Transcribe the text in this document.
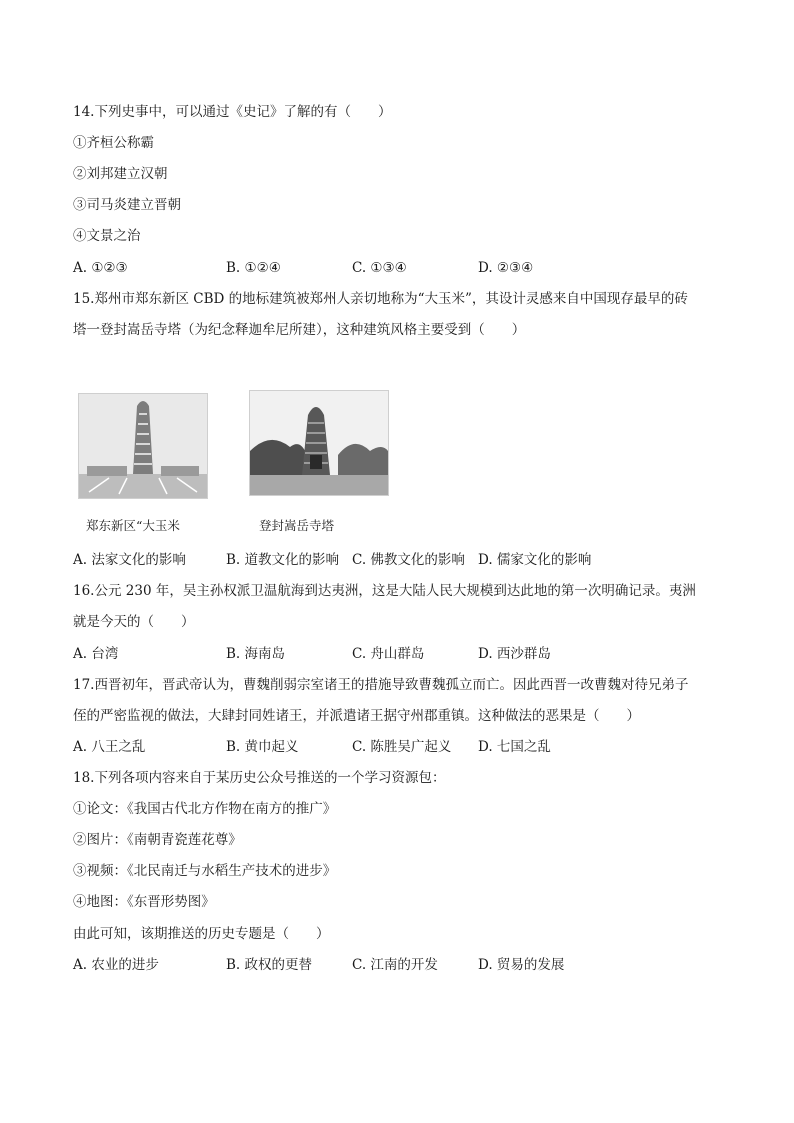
14.下列史事中，可以通过《史记》了解的有（　　）
①齐桓公称霸
②刘邦建立汉朝
③司马炎建立晋朝
④文景之治
A. ①②③	B. ①②④	C. ①③④	D. ②③④
15.郑州市郑东新区 CBD 的地标建筑被郑州人亲切地称为“大玉米”，其设计灵感来自中国现存最早的砖
塔一登封嵩岳寺塔（为纪念释迦牟尼所建），这种建筑风格主要受到（　　）
郑东新区“大玉米	登封嵩岳寺塔
A. 法家文化的影响	B. 道教文化的影响 C. 佛教文化的影响 D. 儒家文化的影响
16.公元 230 年，吴主孙权派卫温航海到达夷洲，这是大陆人民大规模到达此地的第一次明确记录。夷洲
就是今天的（　　）
A. 台湾	B. 海南岛	C. 舟山群岛	D. 西沙群岛
17.西晋初年，晋武帝认为，曹魏削弱宗室诸王的措施导致曹魏孤立而亡。因此西晋一改曹魏对待兄弟子
侄的严密监视的做法，大肆封同姓诸王，并派遣诸王据守州郡重镇。这种做法的恶果是（　　）
A. 八王之乱	B. 黄巾起义	C. 陈胜吴广起义 D. 七国之乱
18.下列各项内容来自于某历史公众号推送的一个学习资源包：
①论文：《我国古代北方作物在南方的推广》
②图片：《南朝青瓷莲花尊》
③视频：《北民南迁与水稻生产技术的进步》
④地图：《东晋形势图》
由此可知，该期推送的历史专题是（　　）
A. 农业的进步	B. 政权的更替	C. 江南的开发	D. 贸易的发展
